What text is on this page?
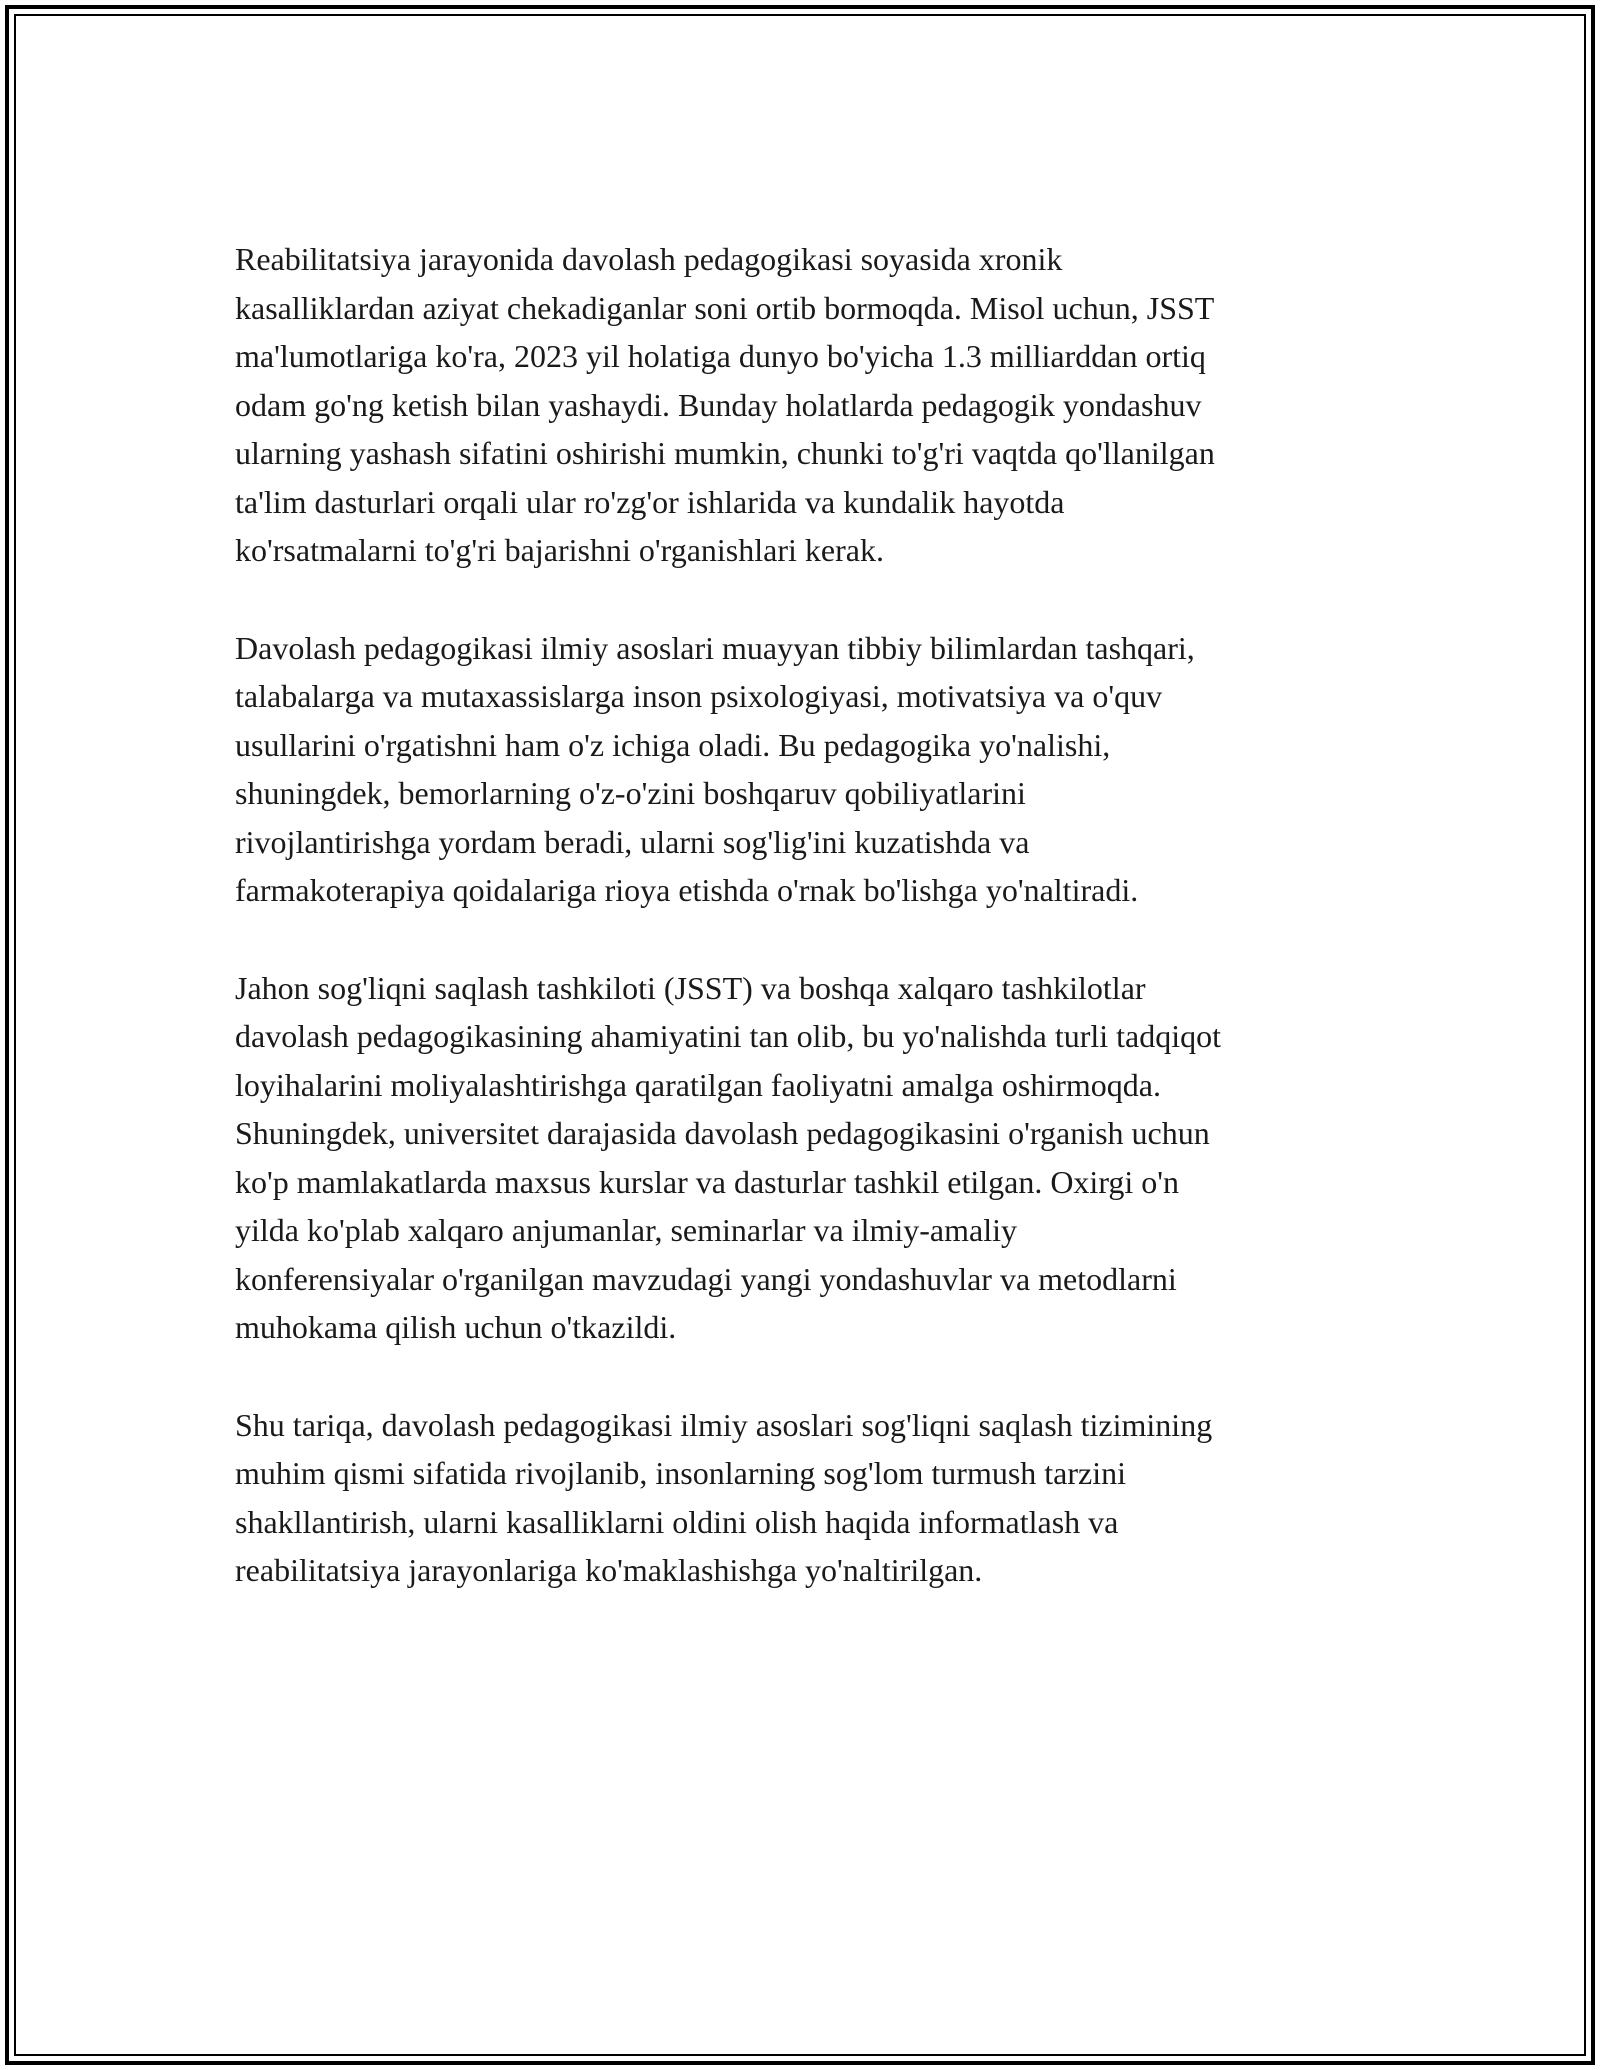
Reabilitatsiya jarayonida davolash pedagogikasi soyasida xronik
kasalliklardan aziyat chekadiganlar soni ortib bormoqda. Misol uchun, JSST
ma'lumotlariga ko'ra, 2023 yil holatiga dunyo bo'yicha 1.3 milliarddan ortiq
odam go'ng ketish bilan yashaydi. Bunday holatlarda pedagogik yondashuv
ularning yashash sifatini oshirishi mumkin, chunki to'g'ri vaqtda qo'llanilgan
ta'lim dasturlari orqali ular ro'zg'or ishlarida va kundalik hayotda
ko'rsatmalarni to'g'ri bajarishni o'rganishlari kerak.

Davolash pedagogikasi ilmiy asoslari muayyan tibbiy bilimlardan tashqari,
talabalarga va mutaxassislarga inson psixologiyasi, motivatsiya va o'quv
usullarini o'rgatishni ham o'z ichiga oladi. Bu pedagogika yo'nalishi,
shuningdek, bemorlarning o'z-o'zini boshqaruv qobiliyatlarini
rivojlantirishga yordam beradi, ularni sog'lig'ini kuzatishda va
farmakoterapiya qoidalariga rioya etishda o'rnak bo'lishga yo'naltiradi.

Jahon sog'liqni saqlash tashkiloti (JSST) va boshqa xalqaro tashkilotlar
davolash pedagogikasining ahamiyatini tan olib, bu yo'nalishda turli tadqiqot
loyihalarini moliyalashtirishga qaratilgan faoliyatni amalga oshirmoqda.
Shuningdek, universitet darajasida davolash pedagogikasini o'rganish uchun
ko'p mamlakatlarda maxsus kurslar va dasturlar tashkil etilgan. Oxirgi o'n
yilda ko'plab xalqaro anjumanlar, seminarlar va ilmiy-amaliy
konferensiyalar o'rganilgan mavzudagi yangi yondashuvlar va metodlarni
muhokama qilish uchun o'tkazildi.

Shu tariqa, davolash pedagogikasi ilmiy asoslari sog'liqni saqlash tizimining
muhim qismi sifatida rivojlanib, insonlarning sog'lom turmush tarzini
shakllantirish, ularni kasalliklarni oldini olish haqida informatlash va
reabilitatsiya jarayonlariga ko'maklashishga yo'naltirilgan.
